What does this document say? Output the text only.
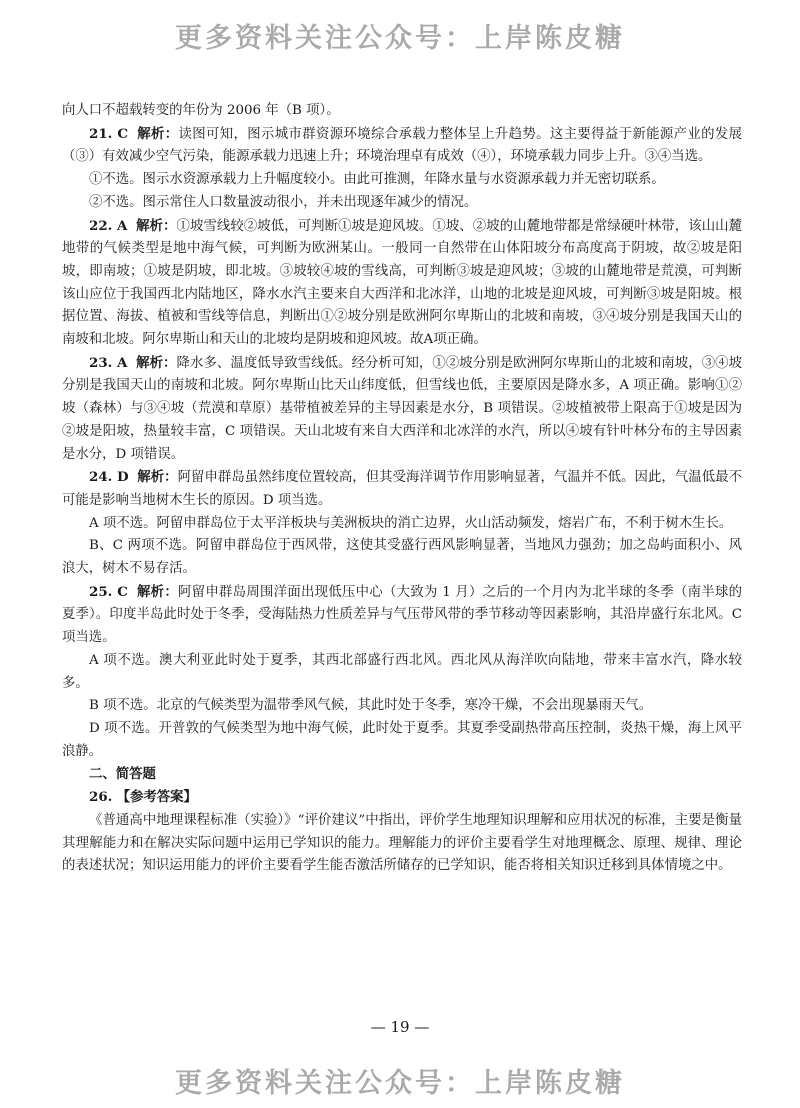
更多资料关注公众号：上岸陈皮糖

向人口不超载转变的年份为 2006 年（B 项）。

21. C 解析：读图可知，图示城市群资源环境综合承载力整体呈上升趋势。这主要得益于新能源产业的发展（③）有效减少空气污染，能源承载力迅速上升；环境治理卓有成效（④），环境承载力同步上升。③④当选。

①不选。图示水资源承载力上升幅度较小。由此可推测，年降水量与水资源承载力并无密切联系。

②不选。图示常住人口数量波动很小，并未出现逐年减少的情况。

22. A 解析：①坡雪线较②坡低，可判断①坡是迎风坡。①坡、②坡的山麓地带都是常绿硬叶林带，该山山麓地带的气候类型是地中海气候，可判断为欧洲某山。一般同一自然带在山体阳坡分布高度高于阴坡，故②坡是阳坡，即南坡；①坡是阴坡，即北坡。③坡较④坡的雪线高，可判断③坡是迎风坡；③坡的山麓地带是荒漠，可判断该山应位于我国西北内陆地区，降水水汽主要来自大西洋和北冰洋，山地的北坡是迎风坡，可判断③坡是阳坡。根据位置、海拔、植被和雪线等信息，判断出①②坡分别是欧洲阿尔卑斯山的北坡和南坡，③④坡分别是我国天山的南坡和北坡。阿尔卑斯山和天山的北坡均是阴坡和迎风坡。故A项正确。

23. A 解析：降水多、温度低导致雪线低。经分析可知，①②坡分别是欧洲阿尔卑斯山的北坡和南坡，③④坡分别是我国天山的南坡和北坡。阿尔卑斯山比天山纬度低，但雪线也低，主要原因是降水多，A 项正确。影响①②坡（森林）与③④坡（荒漠和草原）基带植被差异的主导因素是水分，B 项错误。②坡植被带上限高于①坡是因为②坡是阳坡，热量较丰富，C 项错误。天山北坡有来自大西洋和北冰洋的水汽，所以④坡有针叶林分布的主导因素是水分，D 项错误。

24. D 解析：阿留申群岛虽然纬度位置较高，但其受海洋调节作用影响显著，气温并不低。因此，气温低最不可能是影响当地树木生长的原因。D 项当选。

A 项不选。阿留申群岛位于太平洋板块与美洲板块的消亡边界，火山活动频发，熔岩广布，不利于树木生长。

B、C 两项不选。阿留申群岛位于西风带，这使其受盛行西风影响显著，当地风力强劲；加之岛屿面积小、风浪大，树木不易存活。

25. C 解析：阿留申群岛周围洋面出现低压中心（大致为 1 月）之后的一个月内为北半球的冬季（南半球的夏季）。印度半岛此时处于冬季，受海陆热力性质差异与气压带风带的季节移动等因素影响，其沿岸盛行东北风。C 项当选。

A 项不选。澳大利亚此时处于夏季，其西北部盛行西北风。西北风从海洋吹向陆地，带来丰富水汽，降水较多。

B 项不选。北京的气候类型为温带季风气候，其此时处于冬季，寒冷干燥，不会出现暴雨天气。

D 项不选。开普敦的气候类型为地中海气候，此时处于夏季。其夏季受副热带高压控制，炎热干燥，海上风平浪静。

二、简答题

26. 【参考答案】

《普通高中地理课程标准（实验）》“评价建议”中指出，评价学生地理知识理解和应用状况的标准，主要是衡量其理解能力和在解决实际问题中运用已学知识的能力。理解能力的评价主要看学生对地理概念、原理、规律、理论的表述状况；知识运用能力的评价主要看学生能否激活所储存的已学知识，能否将相关知识迁移到具体情境之中。

— 19 —
更多资料关注公众号：上岸陈皮糖
